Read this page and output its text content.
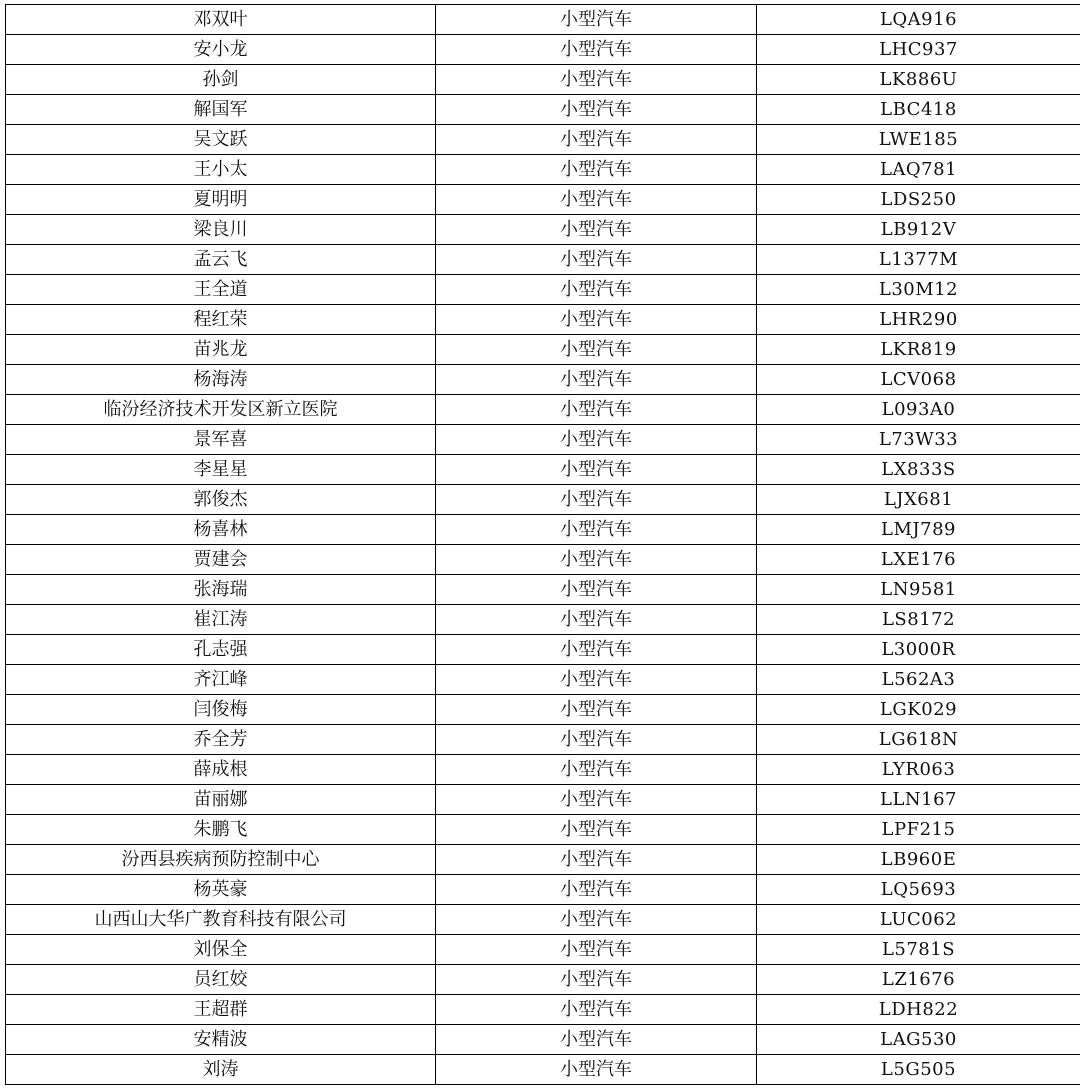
邓双叶	小型汽车	LQA916
安小龙	小型汽车	LHC937
孙剑	小型汽车	LK886U
解国军	小型汽车	LBC418
吴文跃	小型汽车	LWE185
王小太	小型汽车	LAQ781
夏明明	小型汽车	LDS250
梁良川	小型汽车	LB912V
孟云飞	小型汽车	L1377M
王全道	小型汽车	L30M12
程红荣	小型汽车	LHR290
苗兆龙	小型汽车	LKR819
杨海涛	小型汽车	LCV068
临汾经济技术开发区新立医院	小型汽车	L093A0
景军喜	小型汽车	L73W33
李星星	小型汽车	LX833S
郭俊杰	小型汽车	LJX681
杨喜林	小型汽车	LMJ789
贾建会	小型汽车	LXE176
张海瑞	小型汽车	LN9581
崔江涛	小型汽车	LS8172
孔志强	小型汽车	L3000R
齐江峰	小型汽车	L562A3
闫俊梅	小型汽车	LGK029
乔全芳	小型汽车	LG618N
薛成根	小型汽车	LYR063
苗丽娜	小型汽车	LLN167
朱鹏飞	小型汽车	LPF215
汾西县疾病预防控制中心	小型汽车	LB960E
杨英豪	小型汽车	LQ5693
山西山大华广教育科技有限公司	小型汽车	LUC062
刘保全	小型汽车	L5781S
员红姣	小型汽车	LZ1676
王超群	小型汽车	LDH822
安精波	小型汽车	LAG530
刘涛	小型汽车	L5G505
